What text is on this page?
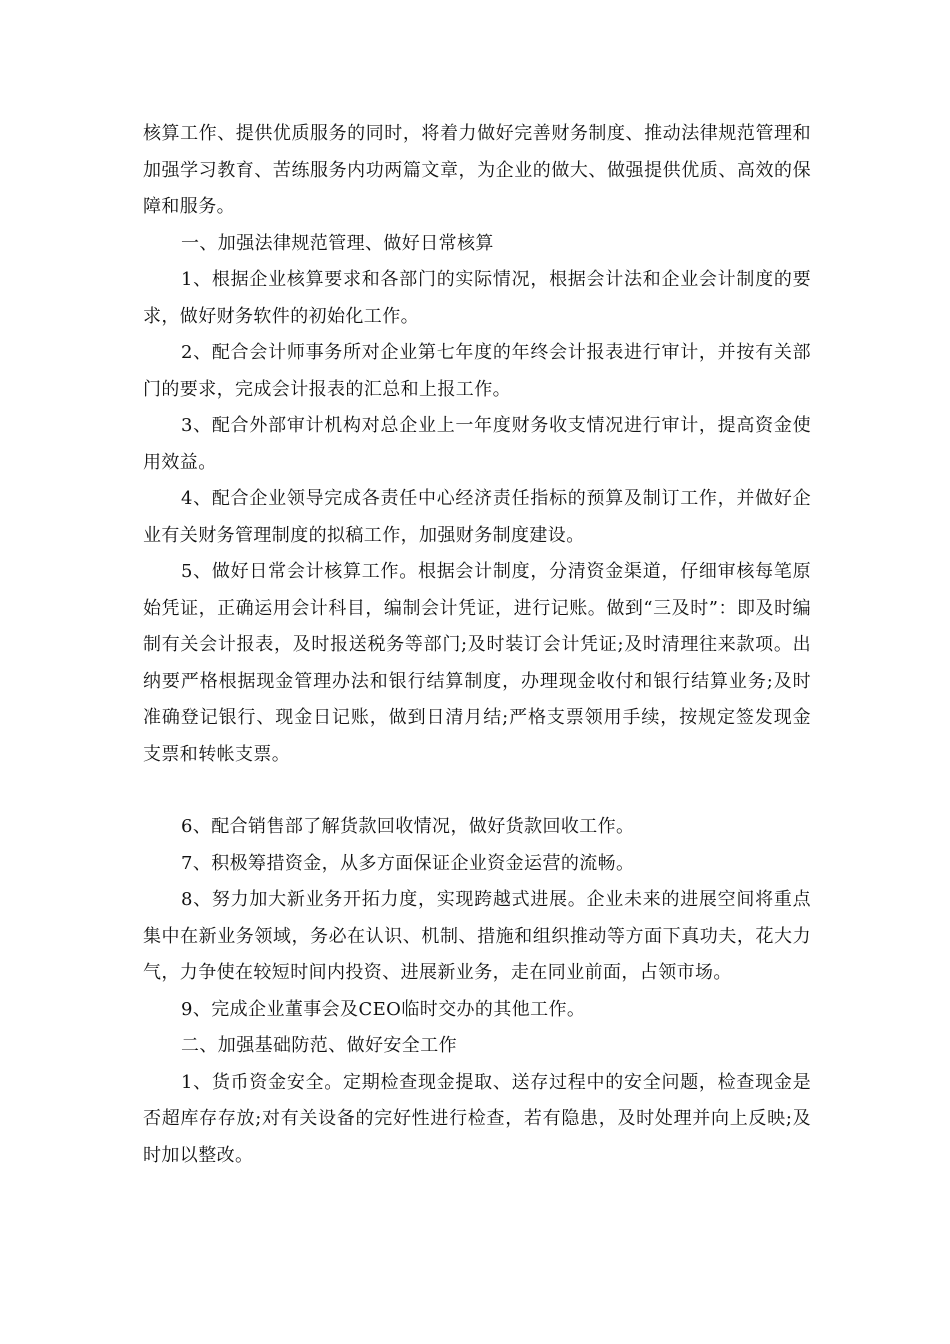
核算工作、提供优质服务的同时，将着力做好完善财务制度、推动法律规范管理和加强学习教育、苦练服务内功两篇文章，为企业的做大、做强提供优质、高效的保障和服务。

一、加强法律规范管理、做好日常核算

1、根据企业核算要求和各部门的实际情况，根据会计法和企业会计制度的要求，做好财务软件的初始化工作。

2、配合会计师事务所对企业第七年度的年终会计报表进行审计，并按有关部门的要求，完成会计报表的汇总和上报工作。

3、配合外部审计机构对总企业上一年度财务收支情况进行审计，提高资金使用效益。

4、配合企业领导完成各责任中心经济责任指标的预算及制订工作，并做好企业有关财务管理制度的拟稿工作，加强财务制度建设。

5、做好日常会计核算工作。根据会计制度，分清资金渠道，仔细审核每笔原始凭证，正确运用会计科目，编制会计凭证，进行记账。做到“三及时”：即及时编制有关会计报表，及时报送税务等部门;及时装订会计凭证;及时清理往来款项。出纳要严格根据现金管理办法和银行结算制度，办理现金收付和银行结算业务;及时准确登记银行、现金日记账，做到日清月结;严格支票领用手续，按规定签发现金支票和转帐支票。

6、配合销售部了解货款回收情况，做好货款回收工作。

7、积极筹措资金，从多方面保证企业资金运营的流畅。

8、努力加大新业务开拓力度，实现跨越式进展。企业未来的进展空间将重点集中在新业务领域，务必在认识、机制、措施和组织推动等方面下真功夫，花大力气，力争使在较短时间内投资、进展新业务，走在同业前面，占领市场。

9、完成企业董事会及CEO临时交办的其他工作。

二、加强基础防范、做好安全工作

1、货币资金安全。定期检查现金提取、送存过程中的安全问题，检查现金是否超库存存放;对有关设备的完好性进行检查，若有隐患，及时处理并向上反映;及时加以整改。
